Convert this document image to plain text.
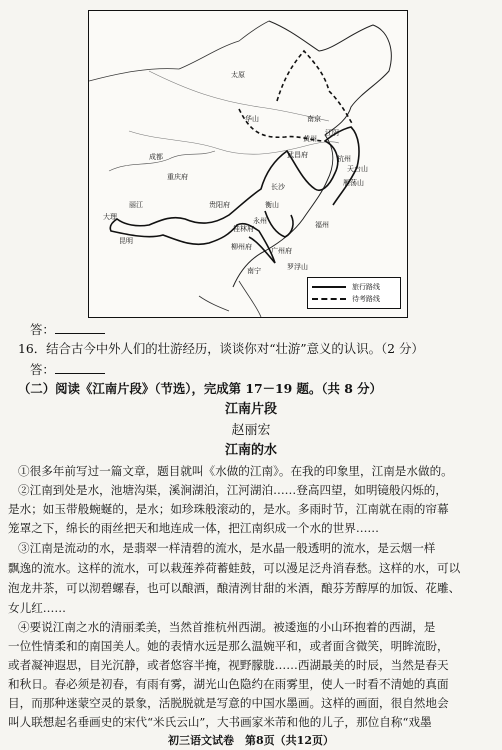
华山
太原
武昌府
长沙
黄州
衡山
永州
贵阳府
桂林府
柳州府	广州府
南宁
昆明
大理
丽江
重庆府
成都
江阴
杭州
福州
罗浮山
雁荡山
天台山
南京
旅行路线
待考路线
答：
16．结合古今中外人们的壮游经历，谈谈你对“壮游”意义的认识。（2 分）
答：
（二）阅读《江南片段》（节选），完成第 17－19 题。（共 8 分）
江南片段
赵丽宏
江南的水
①很多年前写过一篇文章，题目就叫《水做的江南》。在我的印象里，江南是水做的。
②江南到处是水，池塘沟渠，溪涧湖泊，江河湖泊……登高四望，如明镜般闪烁的，
是水；如玉带般蜿蜒的，是水；如珍珠般滚动的，是水。多雨时节，江南就在雨的帘幕
笼罩之下，绵长的雨丝把天和地连成一体，把江南织成一个水的世界……
③江南是流动的水，是翡翠一样清碧的流水，是水晶一般透明的流水，是云烟一样
飘逸的流水。这样的流水，可以栽莲养荷蓄蛙鼓，可以漫足泛舟消春愁。这样的水，可以
泡龙井茶，可以沏碧螺春，也可以酿酒，酿清洌甘甜的米酒，酿芬芳醇厚的加饭、花雕、
女儿红……
④要说江南之水的清丽柔美，当然首推杭州西湖。被逶迤的小山环抱着的西湖，是
一位性情柔和的南国美人。她的表情水远是那么温婉平和，或者面含微笑，明眸流盼，
或者凝神遐思，目光沉静，或者悠容半掩，视野朦胧……西湖最美的时辰，当然是春天
和秋日。春必须是初春，有雨有雾，湖光山色隐约在雨雾里，使人一时看不清她的真面
目，而那种迷蒙空灵的景象，活脱脱就是写意的中国水墨画。这样的画面，很自然地会
叫人联想起名垂画史的宋代“米氏云山”，大书画家米芾和他的儿子，那位自称“戏墨
初三语文试卷　第8页（共12页）
